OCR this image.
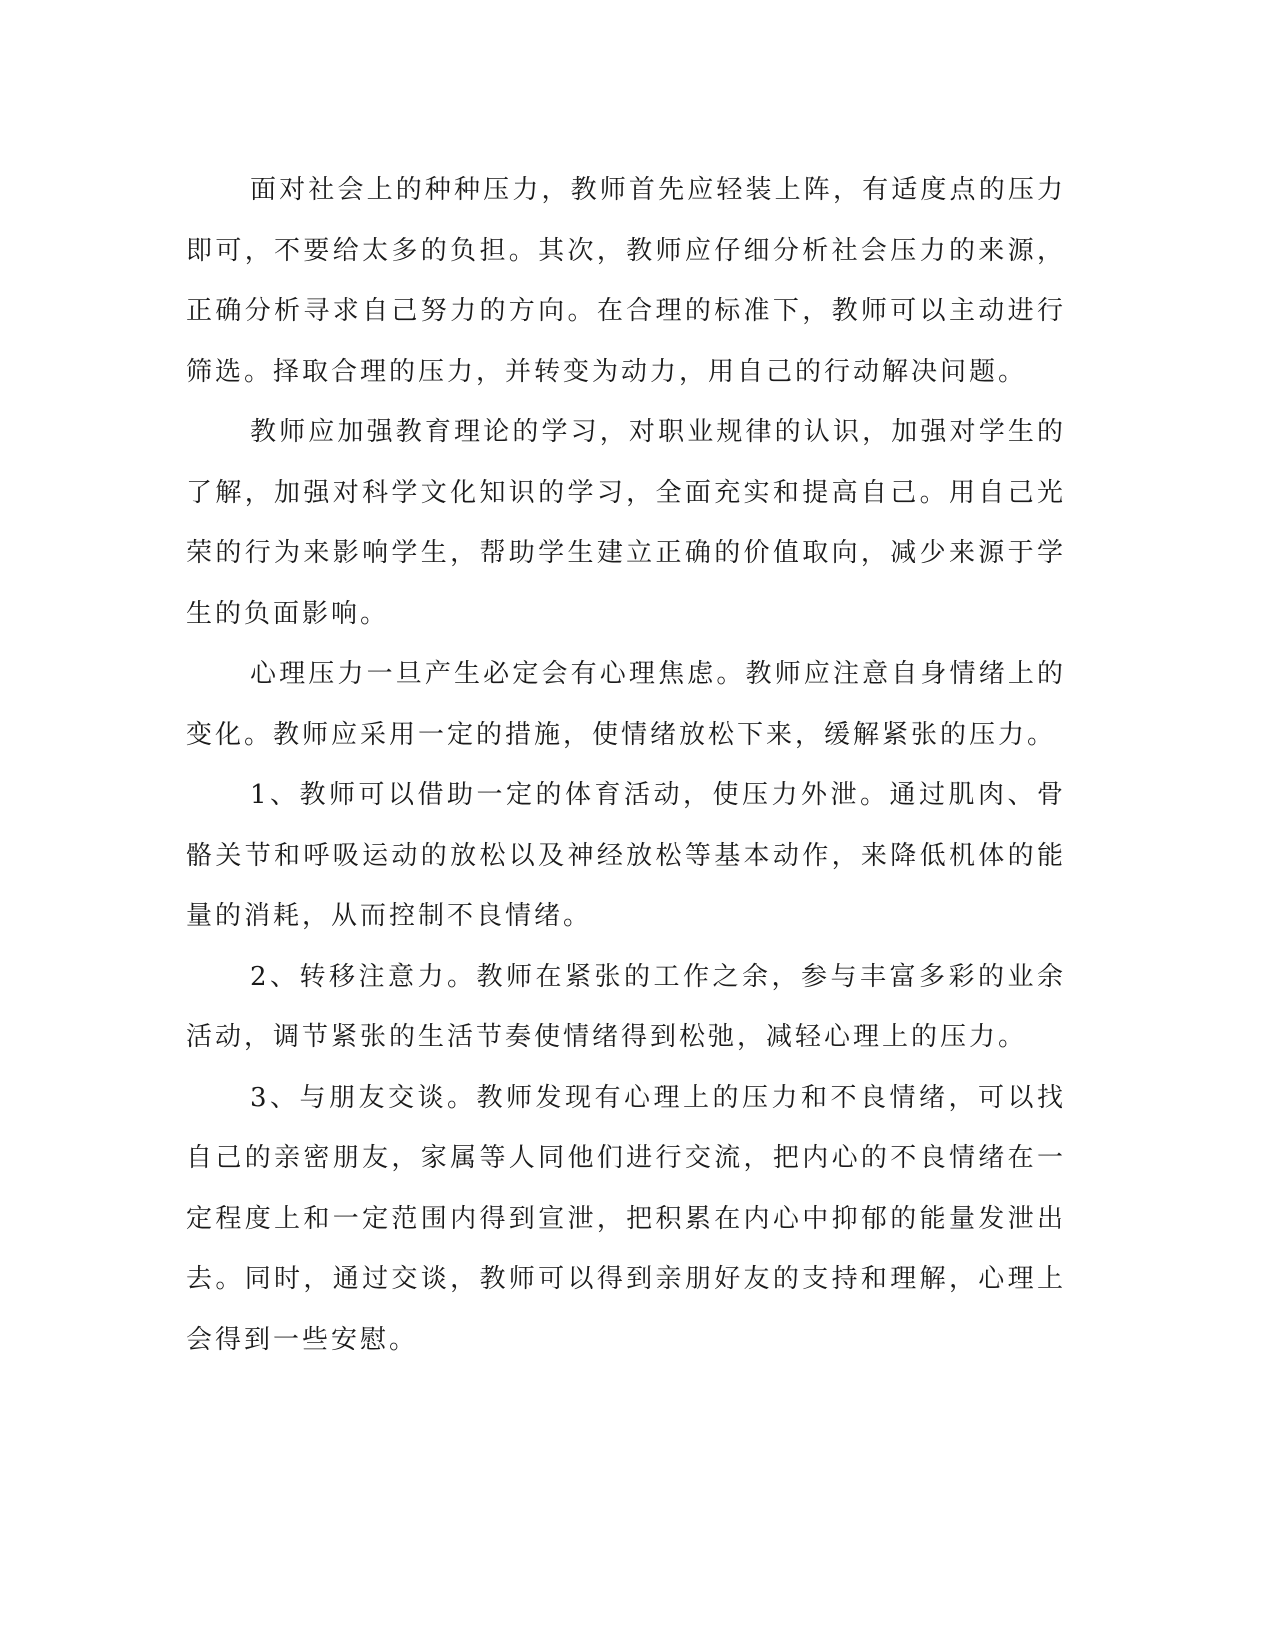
面对社会上的种种压力，教师首先应轻装上阵，有适度点的压力即可，不要给太多的负担。其次，教师应仔细分析社会压力的来源，正确分析寻求自己努力的方向。在合理的标准下，教师可以主动进行筛选。择取合理的压力，并转变为动力，用自己的行动解决问题。

教师应加强教育理论的学习，对职业规律的认识，加强对学生的了解，加强对科学文化知识的学习，全面充实和提高自己。用自己光荣的行为来影响学生，帮助学生建立正确的价值取向，减少来源于学生的负面影响。

心理压力一旦产生必定会有心理焦虑。教师应注意自身情绪上的变化。教师应采用一定的措施，使情绪放松下来，缓解紧张的压力。

1、教师可以借助一定的体育活动，使压力外泄。通过肌肉、骨骼关节和呼吸运动的放松以及神经放松等基本动作，来降低机体的能量的消耗，从而控制不良情绪。

2、转移注意力。教师在紧张的工作之余，参与丰富多彩的业余活动，调节紧张的生活节奏使情绪得到松弛，减轻心理上的压力。

3、与朋友交谈。教师发现有心理上的压力和不良情绪，可以找自己的亲密朋友，家属等人同他们进行交流，把内心的不良情绪在一定程度上和一定范围内得到宣泄，把积累在内心中抑郁的能量发泄出去。同时，通过交谈，教师可以得到亲朋好友的支持和理解，心理上会得到一些安慰。
